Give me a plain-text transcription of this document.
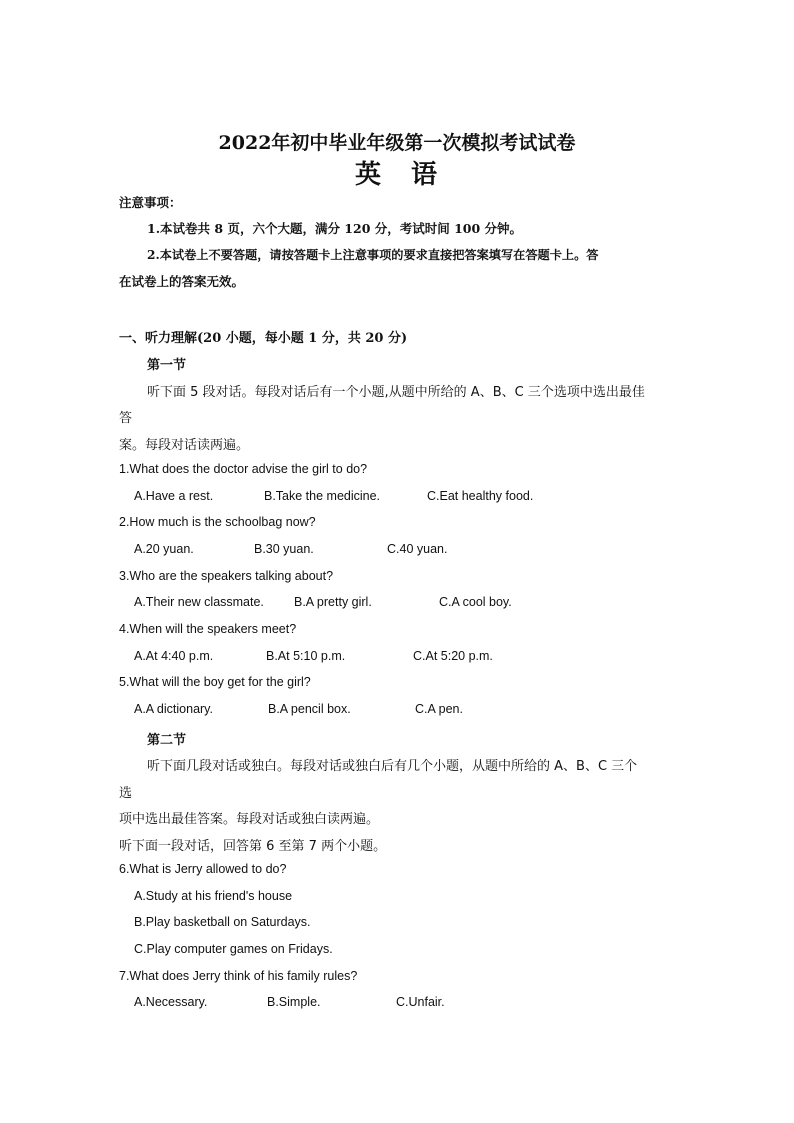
2022年初中毕业年级第一次模拟考试试卷
英　语
注意事项：
1.本试卷共 8 页，六个大题，满分 120 分，考试时间 100 分钟。
2.本试卷上不要答题，请按答题卡上注意事项的要求直接把答案填写在答题卡上。答
在试卷上的答案无效。
一、听力理解(20 小题，每小题 1 分，共 20 分)
第一节
听下面 5 段对话。每段对话后有一个小题,从题中所给的 A、B、C 三个选项中选出最佳
答
案。每段对话读两遍。
1.What does the doctor advise the girl to do?
A.Have a rest.	B.Take the medicine.	C.Eat healthy food.
2.How much is the schoolbag now?
A.20 yuan.	B.30 yuan.	C.40 yuan.
3.Who are the speakers talking about?
A.Their new classmate. B.A pretty girl.	C.A cool boy.
4.When will the speakers meet?
A.At 4:40 p.m.	B.At 5:10 p.m.	C.At 5:20 p.m.
5.What will the boy get for the girl?
A.A dictionary.	B.A pencil box.	C.A pen.
第二节
听下面几段对话或独白。每段对话或独白后有几个小题，从题中所给的 A、B、C 三个
选
项中选出最佳答案。每段对话或独白读两遍。
听下面一段对话，回答第 6 至第 7 两个小题。
6.What is Jerry allowed to do?
A.Study at his friend's house
B.Play basketball on Saturdays.
C.Play computer games on Fridays.
7.What does Jerry think of his family rules?
A.Necessary.	B.Simple.	C.Unfair.
